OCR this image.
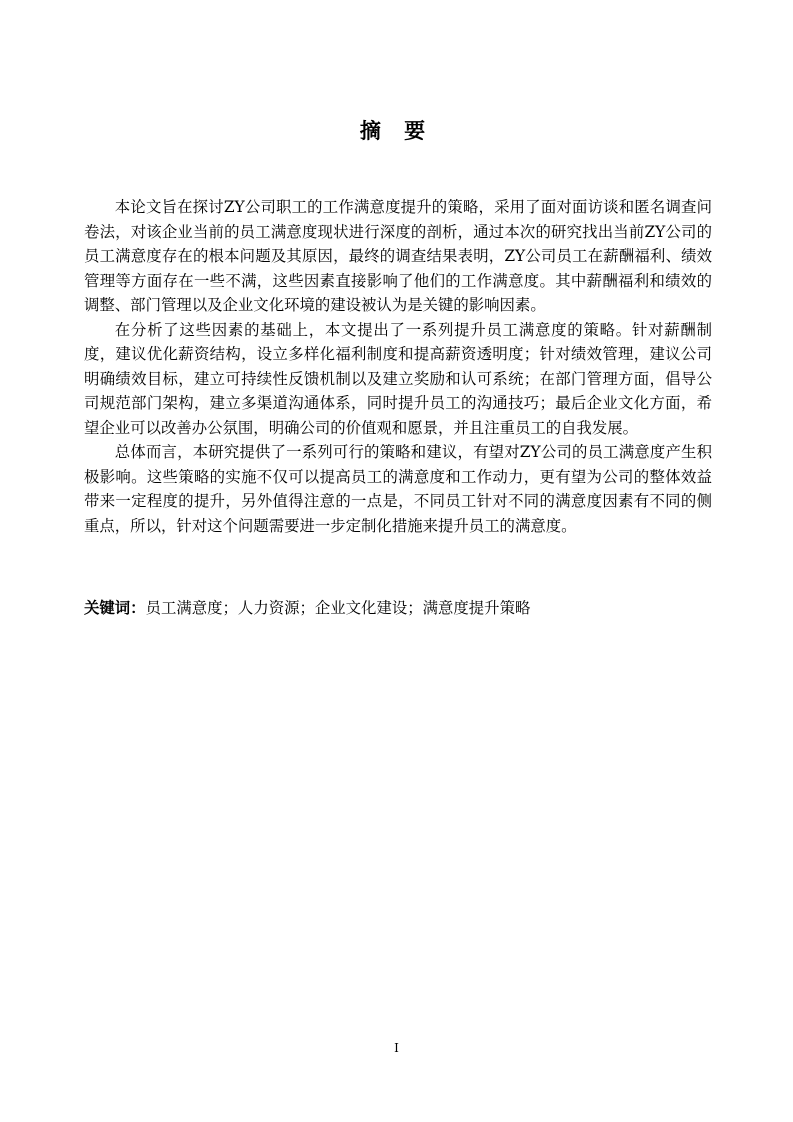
摘 要

本论文旨在探讨ZY公司职工的工作满意度提升的策略，采用了面对面访谈和匿名调查问卷法，对该企业当前的员工满意度现状进行深度的剖析，通过本次的研究找出当前ZY公司的员工满意度存在的根本问题及其原因，最终的调查结果表明，ZY公司员工在薪酬福利、绩效管理等方面存在一些不满，这些因素直接影响了他们的工作满意度。其中薪酬福利和绩效的调整、部门管理以及企业文化环境的建设被认为是关键的影响因素。

在分析了这些因素的基础上，本文提出了一系列提升员工满意度的策略。针对薪酬制度，建议优化薪资结构，设立多样化福利制度和提高薪资透明度；针对绩效管理，建议公司明确绩效目标，建立可持续性反馈机制以及建立奖励和认可系统；在部门管理方面，倡导公司规范部门架构，建立多渠道沟通体系，同时提升员工的沟通技巧；最后企业文化方面，希望企业可以改善办公氛围，明确公司的价值观和愿景，并且注重员工的自我发展。

总体而言，本研究提供了一系列可行的策略和建议，有望对ZY公司的员工满意度产生积极影响。这些策略的实施不仅可以提高员工的满意度和工作动力，更有望为公司的整体效益带来一定程度的提升，另外值得注意的一点是，不同员工针对不同的满意度因素有不同的侧重点，所以，针对这个问题需要进一步定制化措施来提升员工的满意度。

关键词：员工满意度；人力资源；企业文化建设；满意度提升策略
I
